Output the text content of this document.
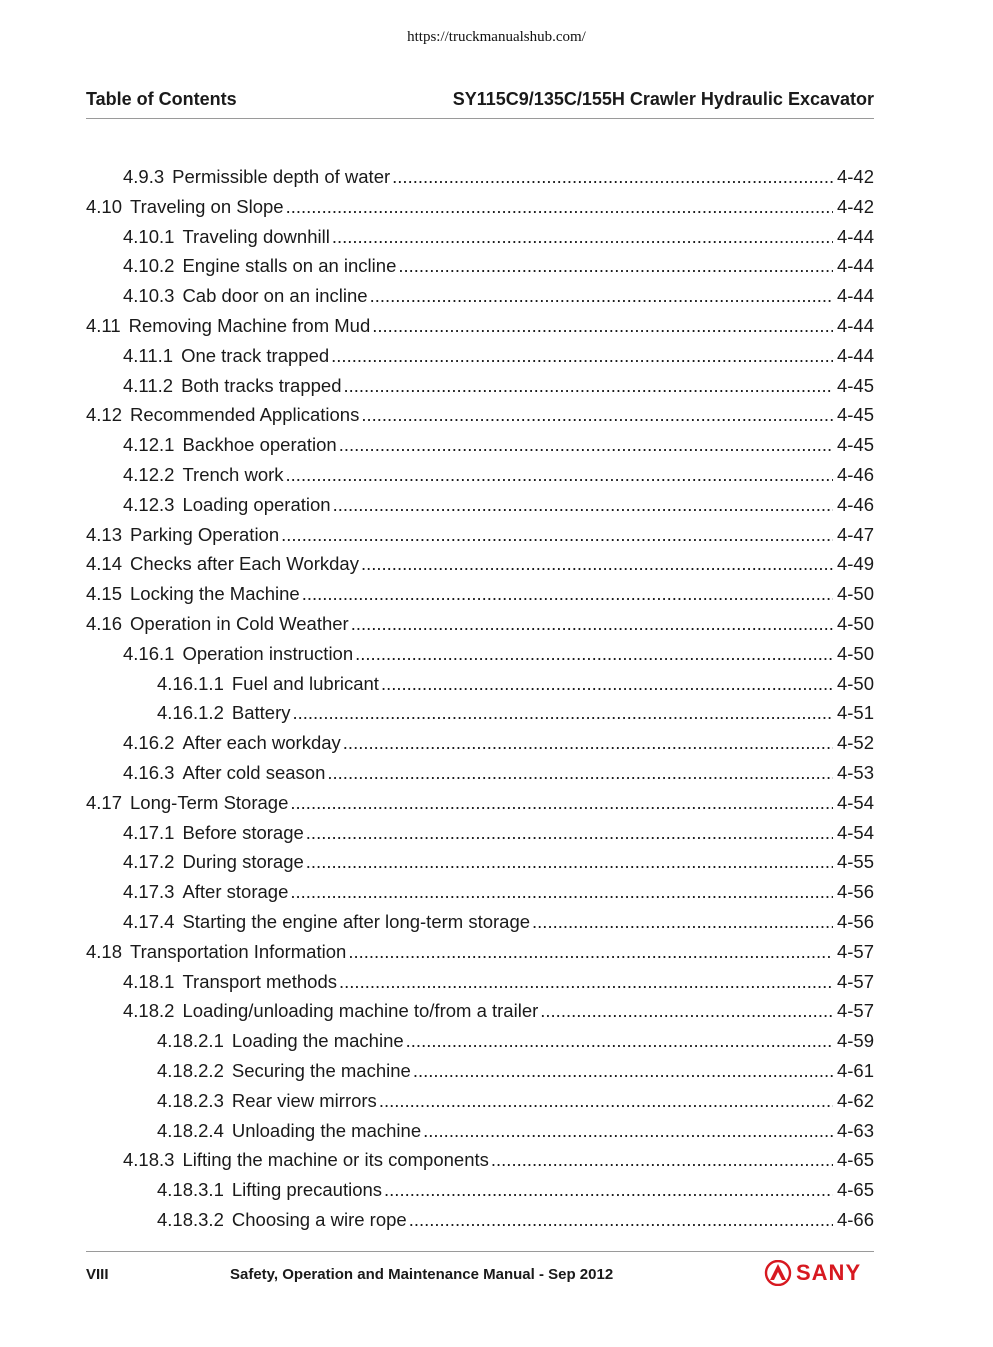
https://truckmanualshub.com/
Table of Contents	SY115C9/135C/155H Crawler Hydraulic Excavator
4.9.3 Permissible depth of water .....	4-42
4.10 Traveling on Slope .....	4-42
4.10.1 Traveling downhill .....	4-44
4.10.2 Engine stalls on an incline .....	4-44
4.10.3 Cab door on an incline .....	4-44
4.11 Removing Machine from Mud .....	4-44
4.11.1 One track trapped .....	4-44
4.11.2 Both tracks trapped .....	4-45
4.12 Recommended Applications .....	4-45
4.12.1 Backhoe operation .....	4-45
4.12.2 Trench work .....	4-46
4.12.3 Loading operation .....	4-46
4.13 Parking Operation .....	4-47
4.14 Checks after Each Workday .....	4-49
4.15 Locking the Machine .....	4-50
4.16 Operation in Cold Weather .....	4-50
4.16.1 Operation instruction .....	4-50
4.16.1.1 Fuel and lubricant .....	4-50
4.16.1.2 Battery .....	4-51
4.16.2 After each workday .....	4-52
4.16.3 After cold season .....	4-53
4.17 Long-Term Storage .....	4-54
4.17.1 Before storage .....	4-54
4.17.2 During storage .....	4-55
4.17.3 After storage .....	4-56
4.17.4 Starting the engine after long-term storage .....	4-56
4.18 Transportation Information .....	4-57
4.18.1 Transport methods .....	4-57
4.18.2 Loading/unloading machine to/from a trailer .....	4-57
4.18.2.1 Loading the machine .....	4-59
4.18.2.2 Securing the machine .....	4-61
4.18.2.3 Rear view mirrors .....	4-62
4.18.2.4 Unloading the machine .....	4-63
4.18.3 Lifting the machine or its components .....	4-65
4.18.3.1 Lifting precautions .....	4-65
4.18.3.2 Choosing a wire rope .....	4-66
VIII	Safety, Operation and Maintenance Manual - Sep 2012	SANY
